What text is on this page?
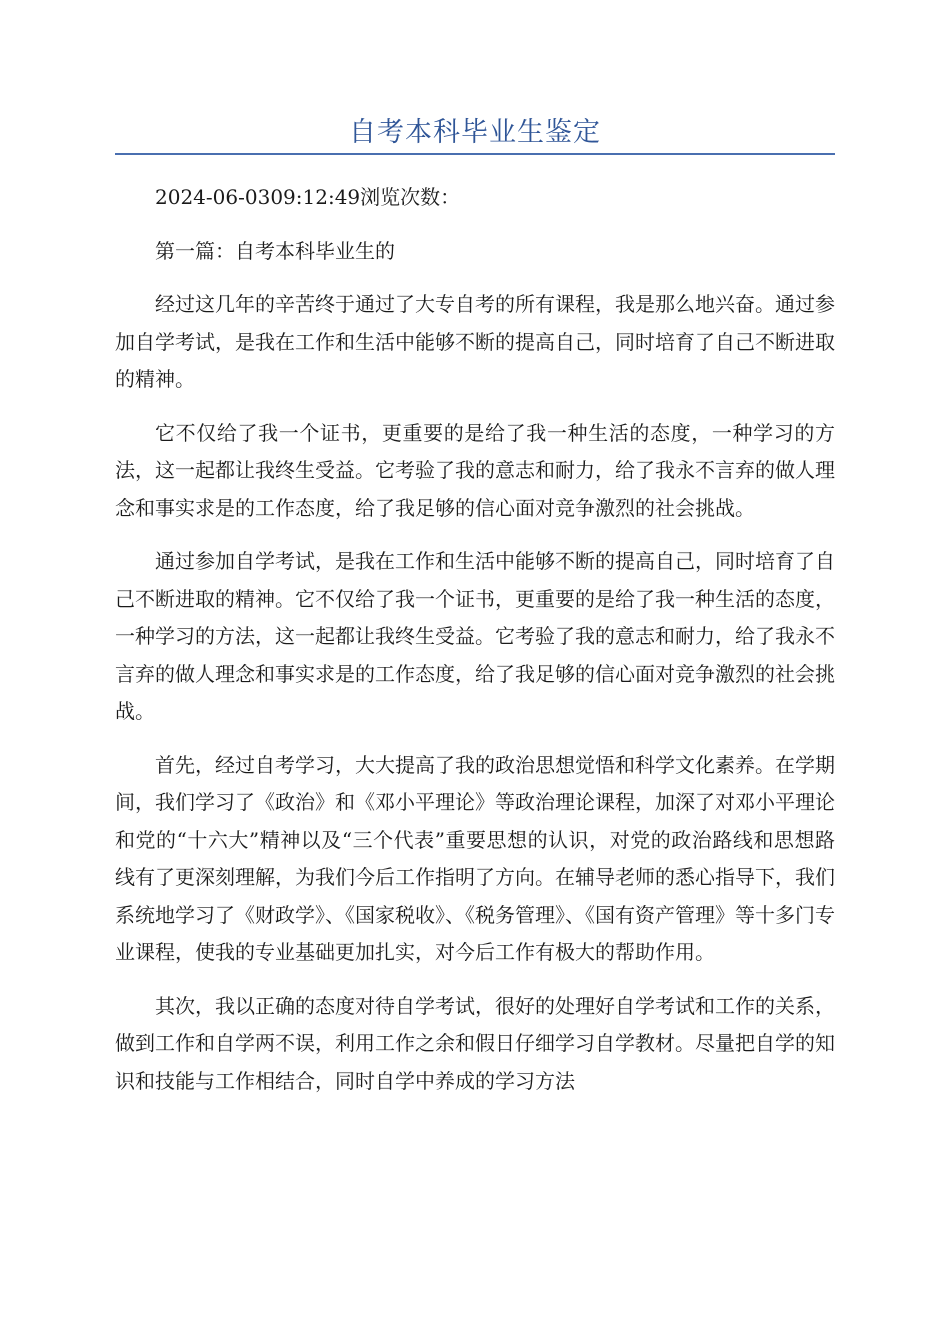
自考本科毕业生鉴定

2024-06-0309:12:49浏览次数：

第一篇：自考本科毕业生的

经过这几年的辛苦终于通过了大专自考的所有课程，我是那么地兴奋。通过参加自学考试，是我在工作和生活中能够不断的提高自己，同时培育了自己不断进取的精神。

它不仅给了我一个证书，更重要的是给了我一种生活的态度，一种学习的方法，这一起都让我终生受益。它考验了我的意志和耐力，给了我永不言弃的做人理念和事实求是的工作态度，给了我足够的信心面对竞争激烈的社会挑战。

通过参加自学考试，是我在工作和生活中能够不断的提高自己，同时培育了自己不断进取的精神。它不仅给了我一个证书，更重要的是给了我一种生活的态度，一种学习的方法，这一起都让我终生受益。它考验了我的意志和耐力，给了我永不言弃的做人理念和事实求是的工作态度，给了我足够的信心面对竞争激烈的社会挑战。

首先，经过自考学习，大大提高了我的政治思想觉悟和科学文化素养。在学期间，我们学习了《政治》和《邓小平理论》等政治理论课程，加深了对邓小平理论和党的“十六大”精神以及“三个代表”重要思想的认识，对党的政治路线和思想路线有了更深刻理解，为我们今后工作指明了方向。在辅导老师的悉心指导下，我们系统地学习了《财政学》、《国家税收》、《税务管理》、《国有资产管理》等十多门专业课程，使我的专业基础更加扎实，对今后工作有极大的帮助作用。

其次，我以正确的态度对待自学考试，很好的处理好自学考试和工作的关系，做到工作和自学两不误，利用工作之余和假日仔细学习自学教材。尽量把自学的知识和技能与工作相结合，同时自学中养成的学习方法
